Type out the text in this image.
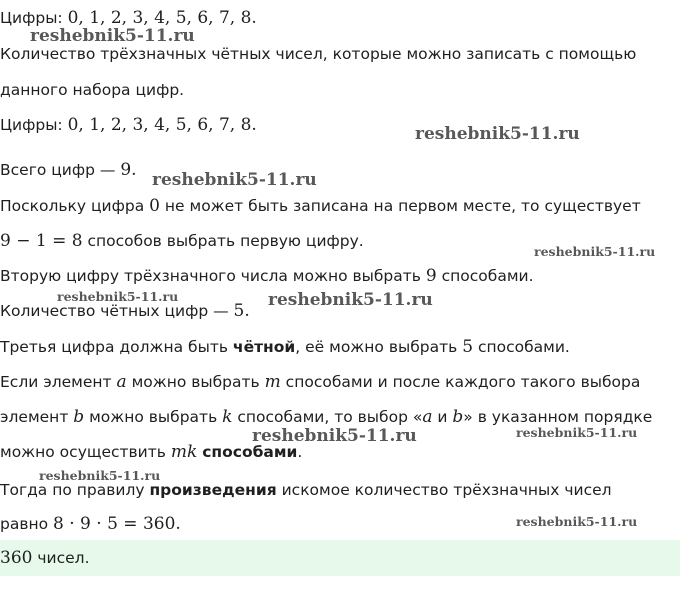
Цифры: 0, 1, 2, 3, 4, 5, 6, 7, 8.
Количество трёхзначных чётных чисел, которые можно записать с помощью
данного набора цифр.
Цифры: 0, 1, 2, 3, 4, 5, 6, 7, 8.
Всего цифр — 9.
Поскольку цифра 0 не может быть записана на первом месте, то существует
9 − 1 = 8 способов выбрать первую цифру.
Вторую цифру трёхзначного числа можно выбрать 9 способами.
Количество чётных цифр — 5.
Третья цифра должна быть чётной, её можно выбрать 5 способами.
Если элемент a можно выбрать m способами и после каждого такого выбора
элемент b можно выбрать k способами, то выбор «a и b» в указанном порядке
можно осуществить mk способами.
Тогда по правилу произведения искомое количество трёхзначных чисел
равно 8 · 9 · 5 = 360.
360 чисел.
reshebnik5-11.ru
reshebnik5-11.ru
reshebnik5-11.ru
reshebnik5-11.ru
reshebnik5-11.ru	reshebnik5-11.ru
reshebnik5-11.ru	reshebnik5-11.ru
reshebnik5-11.ru
reshebnik5-11.ru
